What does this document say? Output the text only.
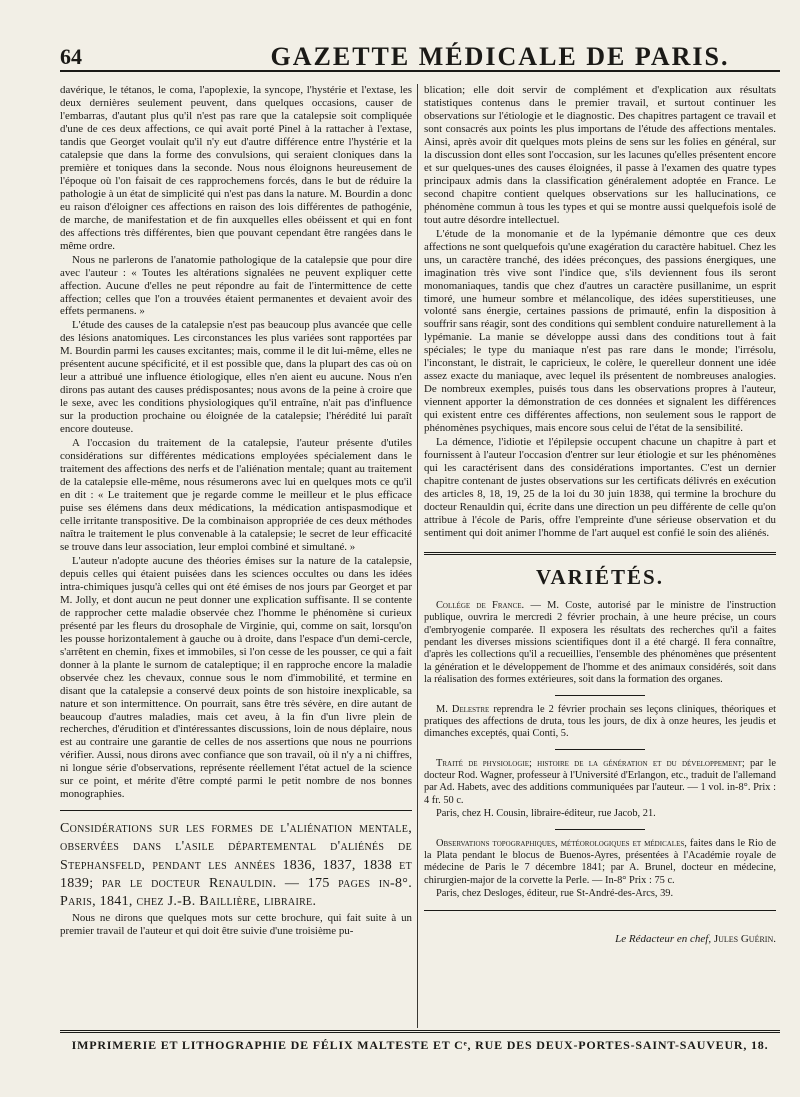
64	GAZETTE MÉDICALE DE PARIS.

davérique, le tétanos, le coma, l'apoplexie, la syncope, l'hystérie et l'extase, les deux dernières seulement peuvent, dans quelques occasions, causer de l'embarras, d'autant plus qu'il n'est pas rare que la catalepsie soit compliquée d'une de ces deux affections, ce qui avait porté Pinel à la rattacher à l'extase, tandis que Georget voulait qu'il n'y eut d'autre différence entre l'hystérie et la catalepsie que dans la forme des convulsions, qui seraient cloniques dans la première et toniques dans la seconde. Nous nous éloignons heureusement de l'époque où l'on faisait de ces rapprochemens forcés, dans le but de réduire la pathologie à un état de simplicité qui n'est pas dans la nature. M. Bourdin a donc eu raison d'éloigner ces affections en raison des lois différentes de pathogénie, de marche, de manifestation et de fin auxquelles elles obéissent et qui en font des affections très différentes, bien que pouvant cependant être rangées dans le même ordre.

Nous ne parlerons de l'anatomie pathologique de la catalepsie que pour dire avec l'auteur : « Toutes les altérations signalées ne peuvent expliquer cette affection. Aucune d'elles ne peut répondre au fait de l'intermittence de cette affection; celles que l'on a trouvées étaient permanentes et devaient avoir des effets permanens. »

L'étude des causes de la catalepsie n'est pas beaucoup plus avancée que celle des lésions anatomiques. Les circonstances les plus variées sont rapportées par M. Bourdin parmi les causes excitantes; mais, comme il le dit lui-même, elles ne présentent aucune spécificité, et il est possible que, dans la plupart des cas où on leur a attribué une influence étiologique, elles n'en aient eu aucune. Nous n'en dirons pas autant des causes prédisposantes; nous avons de la peine à croire que le sexe, avec les conditions physiologiques qu'il entraîne, n'ait pas d'influence sur la production prochaine ou éloignée de la catalepsie; l'hérédité lui paraît encore douteuse.

A l'occasion du traitement de la catalepsie, l'auteur présente d'utiles considérations sur différentes médications employées spécialement dans le traitement des affections des nerfs et de l'aliénation mentale; quant au traitement de la catalepsie elle-même, nous résumerons avec lui en quelques mots ce qu'il en dit : « Le traitement que je regarde comme le meilleur et le plus efficace puise ses élémens dans deux médications, la médication antispasmodique et celle irritante transpositive. De la combinaison appropriée de ces deux méthodes naîtra le traitement le plus convenable à la catalepsie; le secret de leur efficacité se trouve dans leur association, leur emploi combiné et simultané. »

L'auteur n'adopte aucune des théories émises sur la nature de la catalepsie, depuis celles qui étaient puisées dans les sciences occultes ou dans les idées intra-chimiques jusqu'à celles qui ont été émises de nos jours par Georget et par M. Jolly, et dont aucun ne peut donner une explication suffisante. Il se contente de rapprocher cette maladie observée chez l'homme le phénomène si curieux présenté par les fleurs du drosophale de Virginie, qui, comme on sait, lorsqu'on les pousse horizontalement à gauche ou à droite, dans l'espace d'un demi-cercle, s'arrêtent en chemin, fixes et immobiles, si l'on cesse de les pousser, ce qui a fait donner à la plante le surnom de cataleptique; il en rapproche encore la maladie observée chez les chevaux, connue sous le nom d'immobilité, et termine en disant que la catalepsie a conservé deux points de son histoire inexplicable, sa nature et son intermittence. On pourrait, sans être très sévère, en dire autant de beaucoup d'autres maladies, mais cet aveu, à la fin d'un livre plein de recherches, d'érudition et d'intéressantes discussions, loin de nous déplaire, nous est au contraire une garantie de celles de nos assertions que nous ne pourrions vérifier. Aussi, nous dirons avec confiance que son travail, où il n'y a ni chiffres, ni longue série d'observations, représente réellement l'état actuel de la science sur ce point, et mérite d'être compté parmi le petit nombre de nos bonnes monographies.

Considérations sur les formes de l'aliénation mentale, observées dans l'asile départemental d'aliénés de Stephansfeld, pendant les années 1836, 1837, 1838 et 1839; par le docteur Renauldin. — 175 pages in-8°. Paris, 1841, chez J.-B. Baillière, libraire.

Nous ne dirons que quelques mots sur cette brochure, qui fait suite à un premier travail de l'auteur et qui doit être suivie d'une troisième pu-

blication; elle doit servir de complément et d'explication aux résultats statistiques contenus dans le premier travail, et surtout continuer les observations sur l'étiologie et le diagnostic. Des chapitres partagent ce travail et sont consacrés aux points les plus importans de l'étude des affections mentales. Ainsi, après avoir dit quelques mots pleins de sens sur les folies en général, sur la discussion dont elles sont l'occasion, sur les lacunes qu'elles présentent encore et sur quelques-unes des causes éloignées, il passe à l'examen des quatre types principaux admis dans la classification généralement adoptée en France. Le second chapitre contient quelques observations sur les hallucinations, ce phénomène commun à tous les types et qui se montre aussi quelquefois isolé de tout autre désordre intellectuel.

L'étude de la monomanie et de la lypémanie démontre que ces deux affections ne sont quelquefois qu'une exagération du caractère habituel. Chez les uns, un caractère tranché, des idées préconçues, des passions énergiques, une imagination très vive sont l'indice que, s'ils deviennent fous ils seront monomaniaques, tandis que chez d'autres un caractère pusillanime, un esprit timoré, une humeur sombre et mélancolique, des idées superstitieuses, une volonté sans énergie, certaines passions de primauté, enfin la disposition à souffrir sans réagir, sont des conditions qui semblent conduire naturellement à la lypémanie. La manie se développe aussi dans des conditions tout à fait spéciales; le type du maniaque n'est pas rare dans le monde; l'irrésolu, l'inconstant, le distrait, le capricieux, le colère, le querelleur donnent une idée assez exacte du maniaque, avec lequel ils présentent de nombreuses analogies. De nombreux exemples, puisés tous dans les observations propres à l'auteur, viennent apporter la démonstration de ces données et signalent les différences qui existent entre ces différentes affections, non seulement sous le rapport de phénomènes psychiques, mais encore sous celui de l'état de la sensibilité.

La démence, l'idiotie et l'épilepsie occupent chacune un chapitre à part et fournissent à l'auteur l'occasion d'entrer sur leur étiologie et sur les phénomènes qui les caractérisent dans des considérations importantes. C'est un dernier chapitre contenant de justes observations sur les certificats délivrés en exécution des articles 8, 18, 19, 25 de la loi du 30 juin 1838, qui termine la brochure du docteur Renauldin qui, écrite dans une direction un peu différente de celle qu'on attribue à l'école de Paris, offre l'empreinte d'une sérieuse observation et du sentiment qui doit animer l'homme de l'art auquel est confié le soin des aliénés.

VARIÉTÉS.

Collége de France. — M. Coste, autorisé par le ministre de l'instruction publique, ouvrira le mercredi 2 février prochain, à une heure précise, un cours d'embryogenie comparée. Il exposera les résultats des recherches qu'il a faites pendant les diverses missions scientifiques dont il a été chargé. Il fera connaître, d'après les collections qu'il a recueillies, l'ensemble des phénomènes que présentent la génération et le développement de l'homme et des animaux considérés, soit dans la réalisation des formes extérieures, soit dans la formation des organes.

M. Delestre reprendra le 2 février prochain ses leçons cliniques, théoriques et pratiques des affections de druta, tous les jours, de dix à onze heures, les jeudis et dimanches exceptés, quai Conti, 5.

Traité de physiologie; histoire de la génération et du développement; par le docteur Rod. Wagner, professeur à l'Université d'Erlangon, etc., traduit de l'allemand par Ad. Habets, avec des additions communiquées par l'auteur. — 1 vol. in-8°. Prix : 4 fr. 50 c.

Paris, chez H. Cousin, libraire-éditeur, rue Jacob, 21.

Observations topographiques, météorologiques et médicales, faites dans le Rio de la Plata pendant le blocus de Buenos-Ayres, présentées à l'Académie royale de médecine de Paris le 7 décembre 1841; par A. Brunel, docteur en médecine, chirurgien-major de la corvette la Perle. — In-8° Prix : 75 c.

Paris, chez Desloges, éditeur, rue St-André-des-Arcs, 39.

Le Rédacteur en chef, Jules Guérin.

IMPRIMERIE ET LITHOGRAPHIE DE FÉLIX MALTESTE ET Cᵉ, RUE DES DEUX-PORTES-SAINT-SAUVEUR, 18.
